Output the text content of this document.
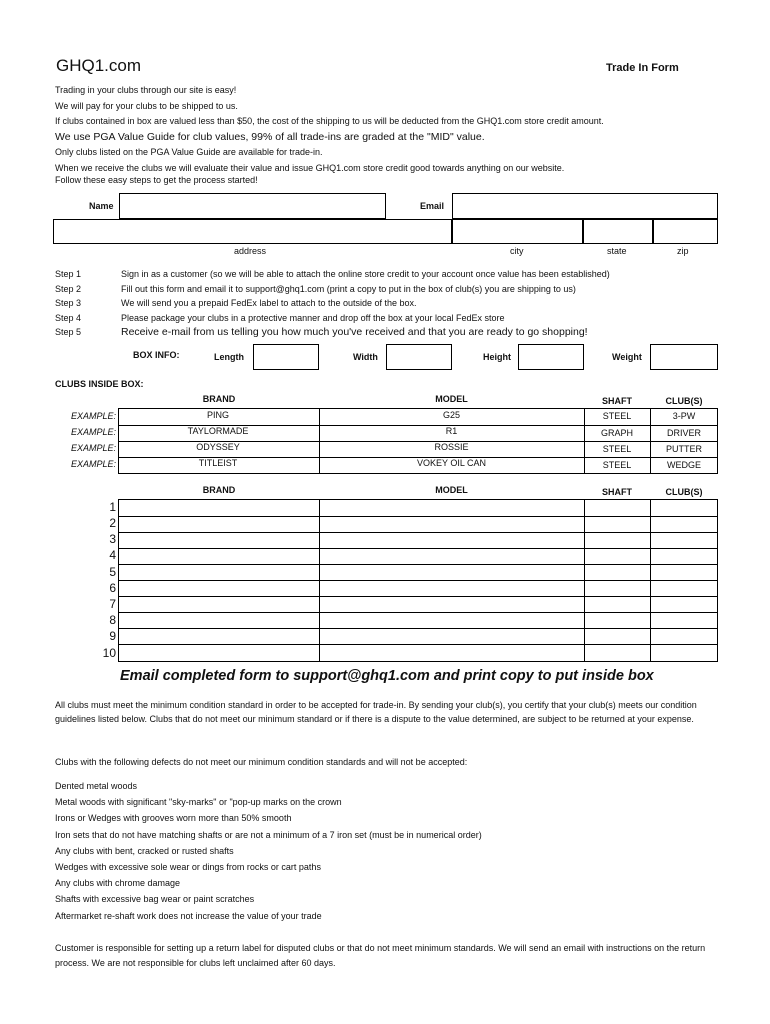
GHQ1.com	Trade In Form

Trading in your clubs through our site is easy!

We will pay for your clubs to be shipped to us.

If clubs contained in box are valued less than $50, the cost of the shipping to us will be deducted from the GHQ1.com store credit amount.

We use PGA Value Guide for club values, 99% of all trade-ins are graded at the "MID" value.

Only clubs listed on the PGA Value Guide are available for trade-in.

When we receive the clubs we will evaluate their value and issue GHQ1.com store credit good towards anything on our website.

Follow these easy steps to get the process started!
Name	Email
address	city	state	zip
Step 1	Sign in as a customer (so we will be able to attach the online store credit to your account once value has been established)
Step 2	Fill out this form and email it to support@ghq1.com (print a copy to put in the box of club(s) you are shipping to us)
Step 3	We will send you a prepaid FedEx label to attach to the outside of the box.
Step 4	Please package your clubs in a protective manner and drop off the box at your local FedEx store
Step 5	Receive e-mail from us telling you how much you've received and that you are ready to go shopping!
BOX INFO:	Length	Width	Height	Weight
CLUBS INSIDE BOX:
BRAND	MODEL	SHAFT	CLUB(S)
EXAMPLE:
EXAMPLE:
EXAMPLE:
EXAMPLE:
PING	G25	STEEL	3-PW
TAYLORMADE	R1	GRAPH	DRIVER
ODYSSEY	ROSSIE	STEEL	PUTTER
TITLEIST	VOKEY OIL CAN	STEEL	WEDGE
BRAND	MODEL	SHAFT	CLUB(S)
1
2
3
4
5
6
7
8
9
10
Email completed form to support@ghq1.com and print copy to put inside box
All clubs must meet the minimum condition standard in order to be accepted for trade-in. By sending your club(s), you certify that your club(s) meets our condition guidelines listed below. Clubs that do not meet our minimum standard or if there is a dispute to the value determined, are subject to be returned at your expense.
Clubs with the following defects do not meet our minimum condition standards and will not be accepted:
Dented metal woods
Metal woods with significant "sky-marks" or "pop-up marks on the crown
Irons or Wedges with grooves worn more than 50% smooth
Iron sets that do not have matching shafts or are not a minimum of a 7 iron set (must be in numerical order)
Any clubs with bent, cracked or rusted shafts
Wedges with excessive sole wear or dings from rocks or cart paths
Any clubs with chrome damage
Shafts with excessive bag wear or paint scratches
Aftermarket re-shaft work does not increase the value of your trade
Customer is responsible for setting up a return label for disputed clubs or that do not meet minimum standards. We will send an email with instructions on the return process. We are not responsible for clubs left unclaimed after 60 days.
